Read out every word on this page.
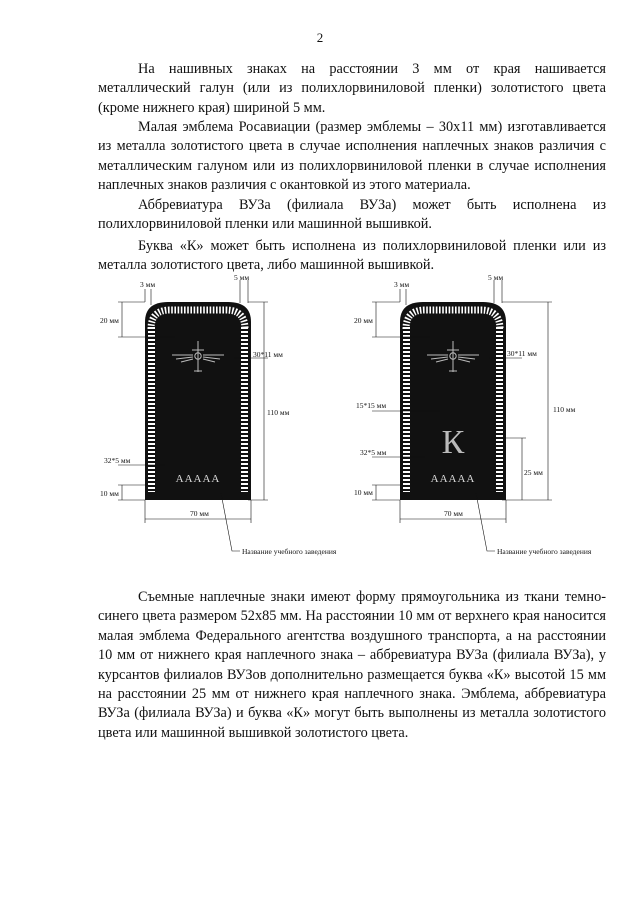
2

На нашивных знаках на расстоянии 3 мм от края нашивается металлический галун (или из полихлорвиниловой пленки) золотистого цвета (кроме нижнего края) шириной 5 мм.

Малая эмблема Росавиации (размер эмблемы – 30x11 мм) изготавливается из металла золотистого цвета в случае исполнения наплечных знаков различия с металлическим галуном или из полихлорвиниловой пленки в случае исполнения наплечных знаков различия с окантовкой из этого материала.

Аббревиатура ВУЗа (филиала ВУЗа) может быть исполнена из полихлорвиниловой пленки или машинной вышивкой.

Буква «К» может быть исполнена из полихлорвиниловой пленки или из металла золотистого цвета, либо машинной вышивкой.

АААAA
3 мм
5 мм
20 мм
30*11 мм
110 мм
32*5 мм
10 мм
70 мм
Название учебного заведения
К
АААAA
3 мм
5 мм
20 мм
30*11 мм
15*15 мм	110 мм
32*5 мм
25 мм
10 мм
70 мм
Название учебного заведения

Съемные наплечные знаки имеют форму прямоугольника из ткани темно-синего цвета размером 52x85 мм. На расстоянии 10 мм от верхнего края наносится малая эмблема Федерального агентства воздушного транспорта, а на расстоянии 10 мм от нижнего края наплечного знака – аббревиатура ВУЗа (филиала ВУЗа), у курсантов филиалов ВУЗов дополнительно размещается буква «К» высотой 15 мм на расстоянии 25 мм от нижнего края наплечного знака. Эмблема, аббревиатура ВУЗа (филиала ВУЗа) и буква «К» могут быть выполнены из металла золотистого цвета или машинной вышивкой золотистого цвета.
